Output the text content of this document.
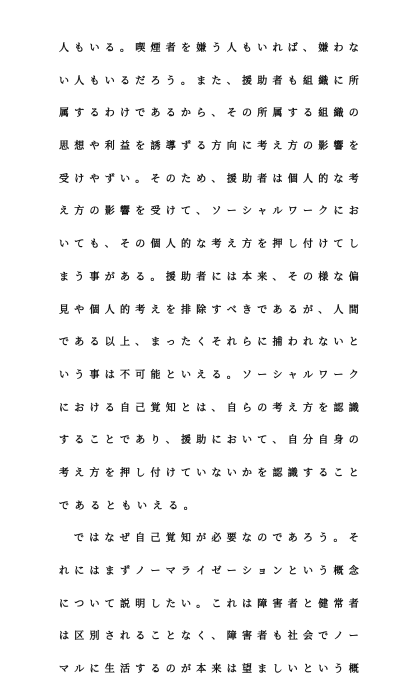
人 も い る 。 喫 煙 者 を 嫌 う 人 も い れ ば 、 嫌 わ な
い 人 も い る だ ろ う 。 ま た 、 援 助 者 も 組 織 に 所
属 す る わ け で あ る か ら 、 そ の 所 属 す る 組 織 の
思 想 や 利 益 を 誘 導 ず る 方 向 に 考 え 方 の 影 響 を
受 け や ず い 。 そ の た め 、 援 助 者 は 個 人 的 な 考
え 方 の 影 響 を 受 け て 、 ソ ー シ ャ ル ワ ー ク に お
い て も 、 そ の 個 人 的 な 考 え 方 を 押 し 付 け て し
ま う 事 が あ る 。 援 助 者 に は 本 来 、 そ の 様 な 偏
見 や 個 人 的 考 え を 排 除 す べ き で あ る が 、 人 間
で あ る 以 上 、 ま っ た く そ れ ら に 捕 わ れ な い と
い う 事 は 不 可 能 と い え る 。 ソ ー シ ャ ル ワ ー ク
に お け る 自 己 覚 知 と は 、 自 ら の 考 え 方 を 認 識
す る こ と で あ り 、 援 助 に お い て 、 自 分 自 身 の
考 え 方 を 押 し 付 け て い な い か を 認 識 す る こ と
であるともいえる。
で は な ぜ 自 己 覚 知 が 必 要 な の で あ ろ う 。 そ
れ に は ま ず ノ ー マ ラ イ ゼ ー シ ョ ン と い う 概 念
に つ い て 説 明 し た い 。 こ れ は 障 害 者 と 健 常 者
は 区 別 さ れ る こ と な く 、 障 害 者 も 社 会 で ノ ー
マ ル に 生 活 す る の が 本 来 は 望 ま し い と い う 概
